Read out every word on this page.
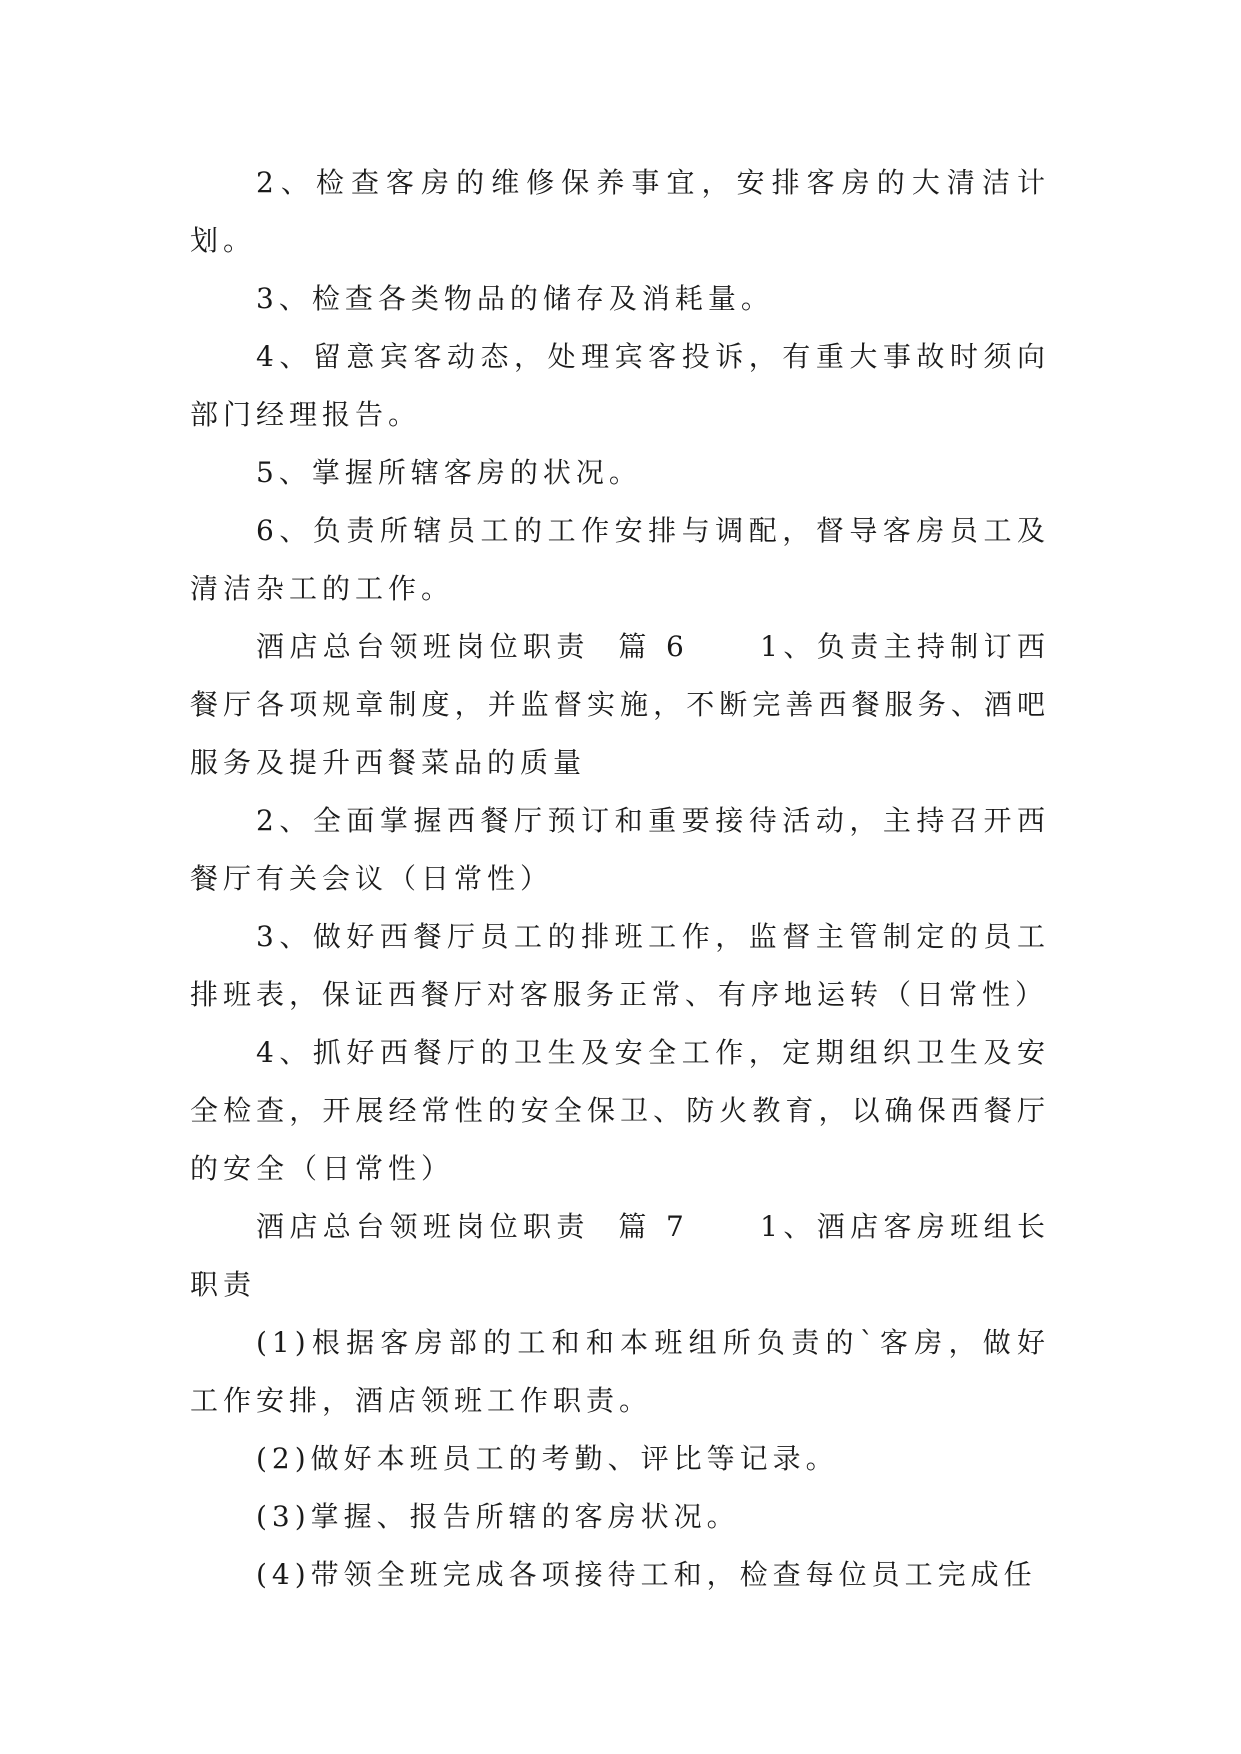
2、检查客房的维修保养事宜，安排客房的大清洁计划。

3、检查各类物品的储存及消耗量。

4、留意宾客动态，处理宾客投诉，有重大事故时须向部门经理报告。

5、掌握所辖客房的状况。

6、负责所辖员工的工作安排与调配，督导客房员工及清洁杂工的工作。

酒店总台领班岗位职责  篇 6     1、负责主持制订西餐厅各项规章制度，并监督实施，不断完善西餐服务、酒吧服务及提升西餐菜品的质量

2、全面掌握西餐厅预订和重要接待活动，主持召开西餐厅有关会议（日常性）

3、做好西餐厅员工的排班工作，监督主管制定的员工排班表，保证西餐厅对客服务正常、有序地运转（日常性）

4、抓好西餐厅的卫生及安全工作，定期组织卫生及安全检查，开展经常性的安全保卫、防火教育，以确保西餐厅的安全（日常性）

酒店总台领班岗位职责  篇 7     1、酒店客房班组长职责

(1)根据客房部的工和和本班组所负责的`客房，做好工作安排，酒店领班工作职责。

(2)做好本班员工的考勤、评比等记录。

(3)掌握、报告所辖的客房状况。

(4)带领全班完成各项接待工和，检查每位员工完成任
